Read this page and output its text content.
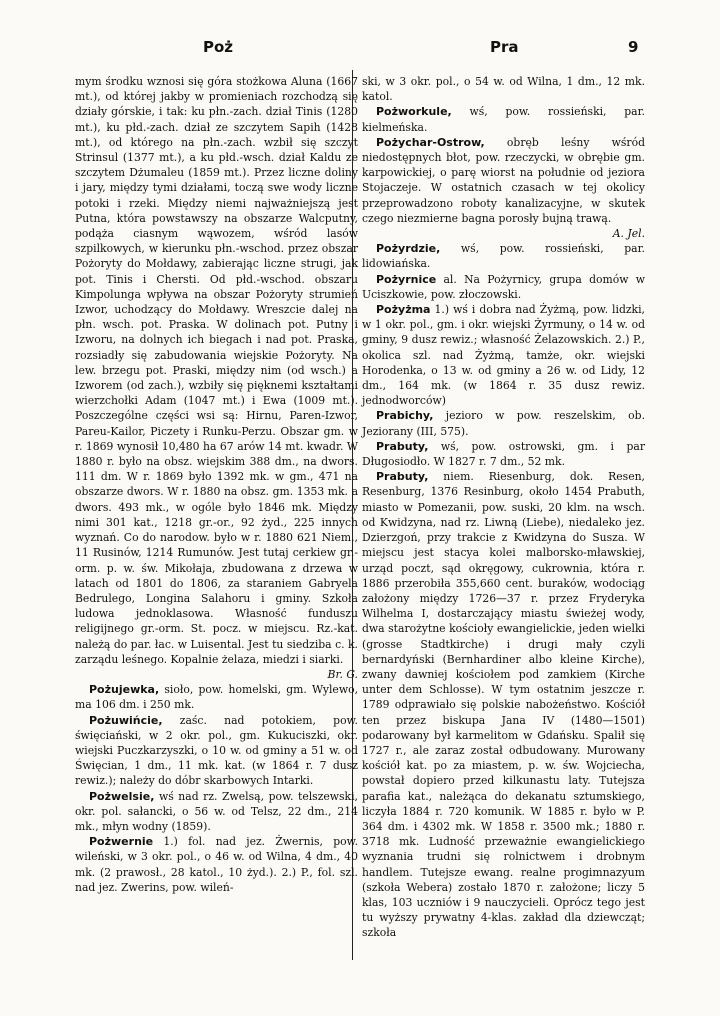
Poż	Pra	9

mym środku wznosi się góra stożkowa Aluna (1667 mt.), od której jakby w promieniach rozchodzą się działy górskie, i tak: ku płn.-zach. dział Tinis (1280 mt.), ku płd.-zach. dział ze szczytem Sapih (1428 mt.), od którego na płn.-zach. wzbił się szczyt Strinsul (1377 mt.), a ku płd.-wsch. dział Kaldu ze szczytem Dżumaleu (1859 mt.). Przez liczne doliny i jary, między tymi działami, toczą swe wody liczne potoki i rzeki. Między niemi najważniejszą jest Putna, która powstawszy na obszarze Walcputny, podąża ciasnym wąwozem, wśród lasów szpilkowych, w kierunku płn.-wschod. przez obszar Pożoryty do Mołdawy, zabierając liczne strugi, jak pot. Tinis i Chersti. Od płd.-wschod. obszaru Kimpolunga wpływa na obszar Pożoryty strumień Izwor, uchodzący do Mołdawy. Wreszcie dalej na płn. wsch. pot. Praska. W dolinach pot. Putny i Izworu, na dolnych ich biegach i nad pot. Praska, rozsiadły się zabudowania wiejskie Pożoryty. Na lew. brzegu pot. Praski, między nim (od wsch.) a Izworem (od zach.), wzbiły się pięknemi kształtami wierzchołki Adam (1047 mt.) i Ewa (1009 mt.). Poszczególne części wsi są: Hirnu, Paren-Izwor, Pareu-Kailor, Piczety i Runku-Perzu. Obszar gm. w r. 1869 wynosił 10,480 ha 67 arów 14 mt. kwadr. W 1880 r. było na obsz. wiejskim 388 dm., na dwors. 111 dm. W r. 1869 było 1392 mk. w gm., 471 na obszarze dwors. W r. 1880 na obsz. gm. 1353 mk. a dwors. 493 mk., w ogóle było 1846 mk. Między nimi 301 kat., 1218 gr.-or., 92 żyd., 225 innych wyznań. Co do narodow. było w r. 1880 621 Niem., 11 Rusinów, 1214 Rumunów. Jest tutaj cerkiew gr.-orm. p. w. św. Mikołaja, zbudowana z drzewa w latach od 1801 do 1806, za staraniem Gabryela Bedrulego, Longina Salahoru i gminy. Szkoła ludowa jednoklasowa. Własność funduszu religijnego gr.-orm. St. pocz. w miejscu. Rz.-kat. należą do par. łac. w Luisental. Jest tu siedziba c. k. zarządu leśnego. Kopalnie żelaza, miedzi i siarki.
Br. G.

Pożujewka, sioło, pow. homelski, gm. Wylewo, ma 106 dm. i 250 mk.

Pożuwińcie, zaśc. nad potokiem, pow. święciański, w 2 okr. pol., gm. Kukuciszki, okr. wiejski Puczkarzyszki, o 10 w. od gminy a 51 w. od Święcian, 1 dm., 11 mk. kat. (w 1864 r. 7 dusz rewiz.); należy do dóbr skarbowych Intarki.

Pożwelsie, wś nad rz. Zwelsą, pow. telszewski, okr. pol. sałancki, o 56 w. od Telsz, 22 dm., 214 mk., młyn wodny (1859).

Pożwernie 1.) fol. nad jez. Żwernis, pow. wileński, w 3 okr. pol., o 46 w. od Wilna, 4 dm., 40 mk. (2 prawosł., 28 katol., 10 żyd.). 2.) P., fol. szl. nad jez. Zwerins, pow. wileń-

ski, w 3 okr. pol., o 54 w. od Wilna, 1 dm., 12 mk. katol.

Pożworkule, wś, pow. rossieński, par. kielmeńska.

Pożychar-Ostrow, obręb leśny wśród niedostępnych błot, pow. rzeczycki, w obrębie gm. karpowickiej, o parę wiorst na południe od jeziora Stojaczeje. W ostatnich czasach w tej okolicy przeprowadzono roboty kanalizacyjne, w skutek czego niezmierne bagna porosły bujną trawą.
A. Jel.

Pożyrdzie, wś, pow. rossieński, par. lidowiańska.

Pożyrnice al. Na Pożyrnicy, grupa domów w Uciszkowie, pow. złoczowski.

Pożyżma 1.) wś i dobra nad Żyżmą, pow. lidzki, w 1 okr. pol., gm. i okr. wiejski Żyrmuny, o 14 w. od gminy, 9 dusz rewiz.; własność Żelazowskich. 2.) P., okolica szl. nad Żyżmą, tamże, okr. wiejski Horodenka, o 13 w. od gminy a 26 w. od Lidy, 12 dm., 164 mk. (w 1864 r. 35 dusz rewiz. jednodworców)

Prabichy, jezioro w pow. reszelskim, ob. Jeziorany (III, 575).

Prabuty, wś, pow. ostrowski, gm. i par Długosiodło. W 1827 r. 7 dm., 52 mk.

Prabuty, niem. Riesenburg, dok. Resen, Resenburg, 1376 Resinburg, około 1454 Prabuth, miasto w Pomezanii, pow. suski, 20 klm. na wsch. od Kwidzyna, nad rz. Liwną (Liebe), niedaleko jez. Dzierzgoń, przy trakcie z Kwidzyna do Susza. W miejscu jest stacya kolei malborsko-mławskiej, urząd poczt, sąd okręgowy, cukrownia, która r. 1886 przerobiła 355,660 cent. buraków, wodociąg założony między 1726—37 r. przez Fryderyka Wilhelma I, dostarczający miastu świeżej wody, dwa starożytne kościoły ewangielickie, jeden wielki (grosse Stadtkirche) i drugi mały czyli bernardyński (Bernhardiner albo kleine Kirche), zwany dawniej kościołem pod zamkiem (Kirche unter dem Schlosse). W tym ostatnim jeszcze r. 1789 odprawiało się polskie nabożeństwo. Kościół ten przez biskupa Jana IV (1480—1501) podarowany był karmelitom w Gdańsku. Spalił się 1727 r., ale zaraz został odbudowany. Murowany kościół kat. po za miastem, p. w. św. Wojciecha, powstał dopiero przed kilkunastu laty. Tutejsza parafia kat., należąca do dekanatu sztumskiego, liczyła 1884 r. 720 komunik. W 1885 r. było w P. 364 dm. i 4302 mk. W 1858 r. 3500 mk.; 1880 r. 3718 mk. Ludność przeważnie ewangielickiego wyznania trudni się rolnictwem i drobnym handlem. Tutejsze ewang. realne progimnazyum (szkoła Webera) zostało 1870 r. założone; liczy 5 klas, 103 uczniów i 9 nauczycieli. Oprócz tego jest tu wyższy prywatny 4-klas. zakład dla dziewcząt; szkoła
